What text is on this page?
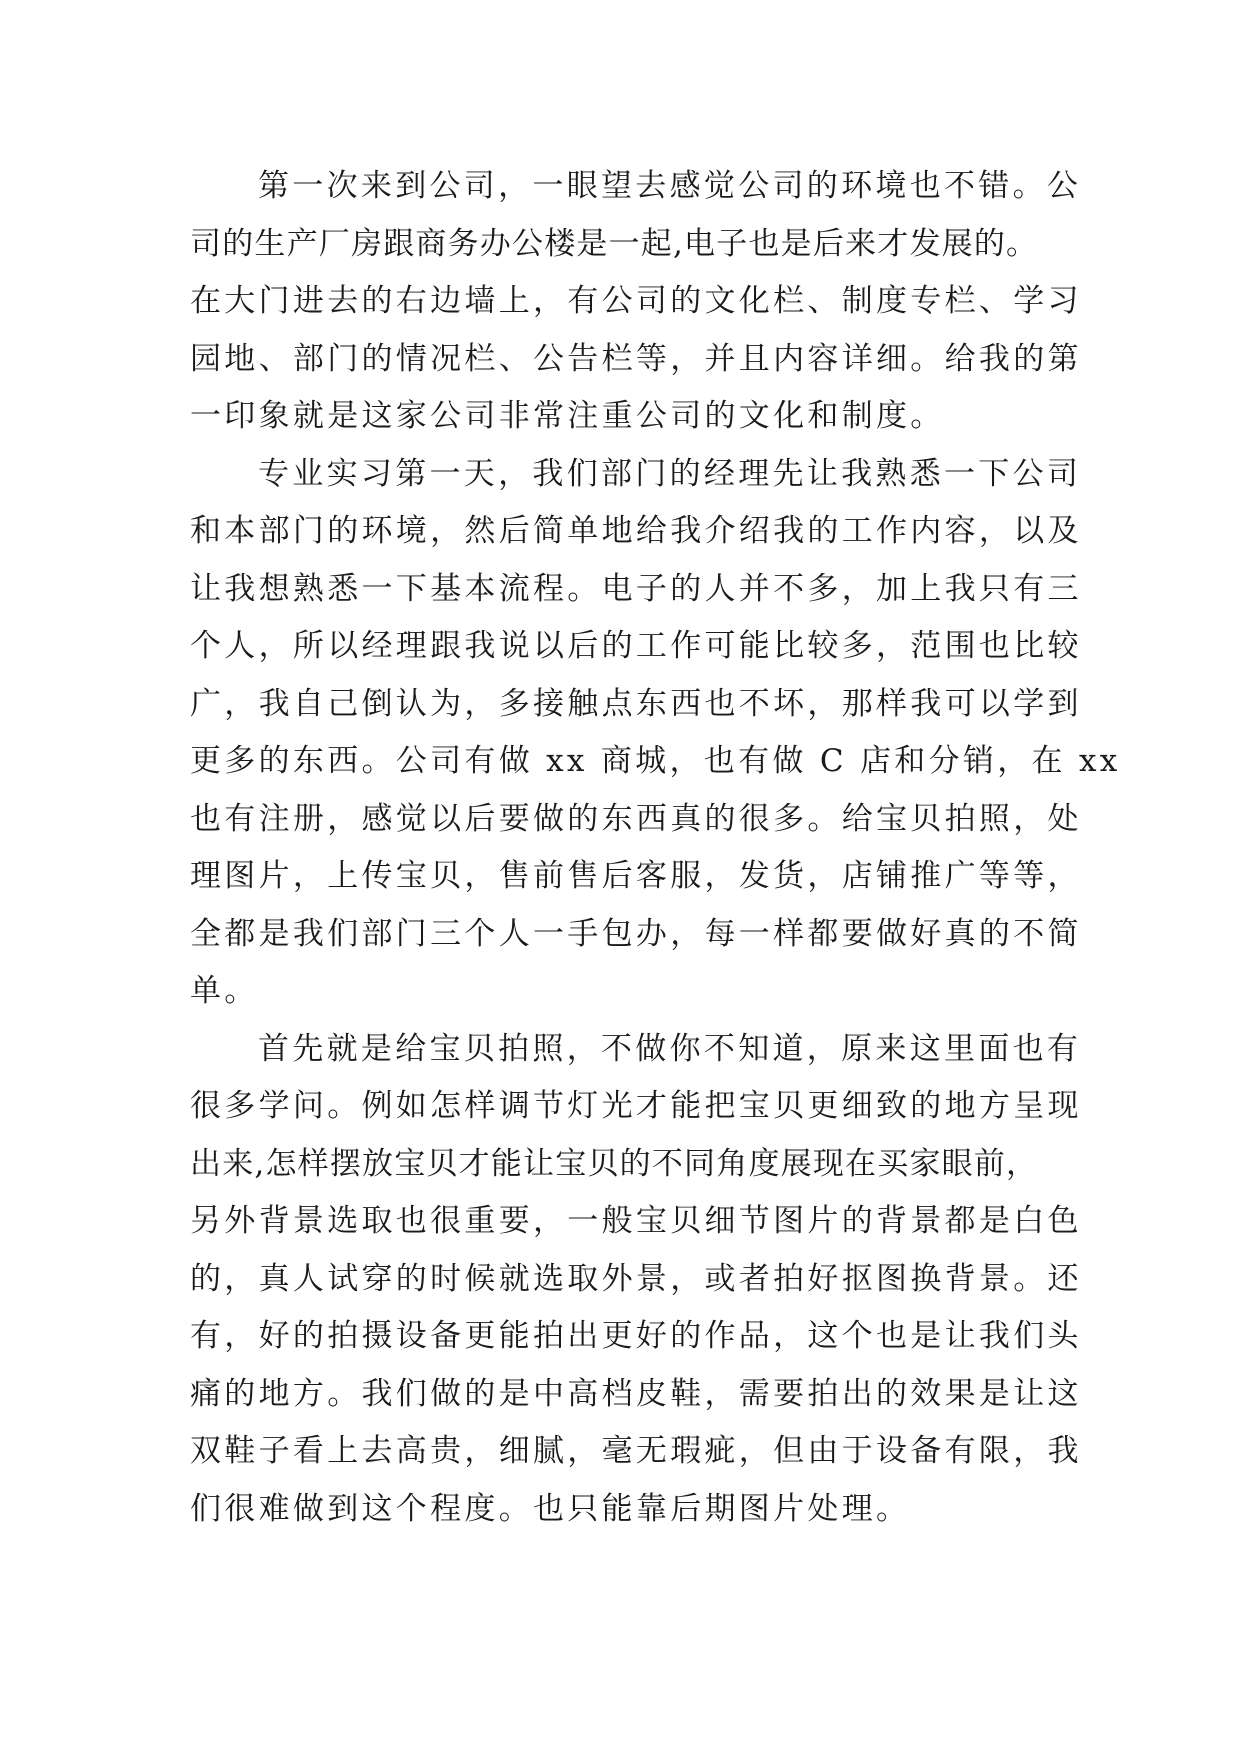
第一次来到公司，一眼望去感觉公司的环境也不错。公
司的生产厂房跟商务办公楼是一起,电子也是后来才发展的。
在大门进去的右边墙上，有公司的文化栏、制度专栏、学习
园地、部门的情况栏、公告栏等，并且内容详细。给我的第
一印象就是这家公司非常注重公司的文化和制度。
专业实习第一天，我们部门的经理先让我熟悉一下公司
和本部门的环境，然后简单地给我介绍我的工作内容，以及
让我想熟悉一下基本流程。电子的人并不多，加上我只有三
个人，所以经理跟我说以后的工作可能比较多，范围也比较
广，我自己倒认为，多接触点东西也不坏，那样我可以学到
更多的东西。公司有做 xx 商城，也有做 C 店和分销，在 xx
也有注册，感觉以后要做的东西真的很多。给宝贝拍照，处
理图片，上传宝贝，售前售后客服，发货，店铺推广等等，
全都是我们部门三个人一手包办，每一样都要做好真的不简
单。
首先就是给宝贝拍照，不做你不知道，原来这里面也有
很多学问。例如怎样调节灯光才能把宝贝更细致的地方呈现
出来,怎样摆放宝贝才能让宝贝的不同角度展现在买家眼前，
另外背景选取也很重要，一般宝贝细节图片的背景都是白色
的，真人试穿的时候就选取外景，或者拍好抠图换背景。还
有，好的拍摄设备更能拍出更好的作品，这个也是让我们头
痛的地方。我们做的是中高档皮鞋，需要拍出的效果是让这
双鞋子看上去高贵，细腻，毫无瑕疵，但由于设备有限，我
们很难做到这个程度。也只能靠后期图片处理。
